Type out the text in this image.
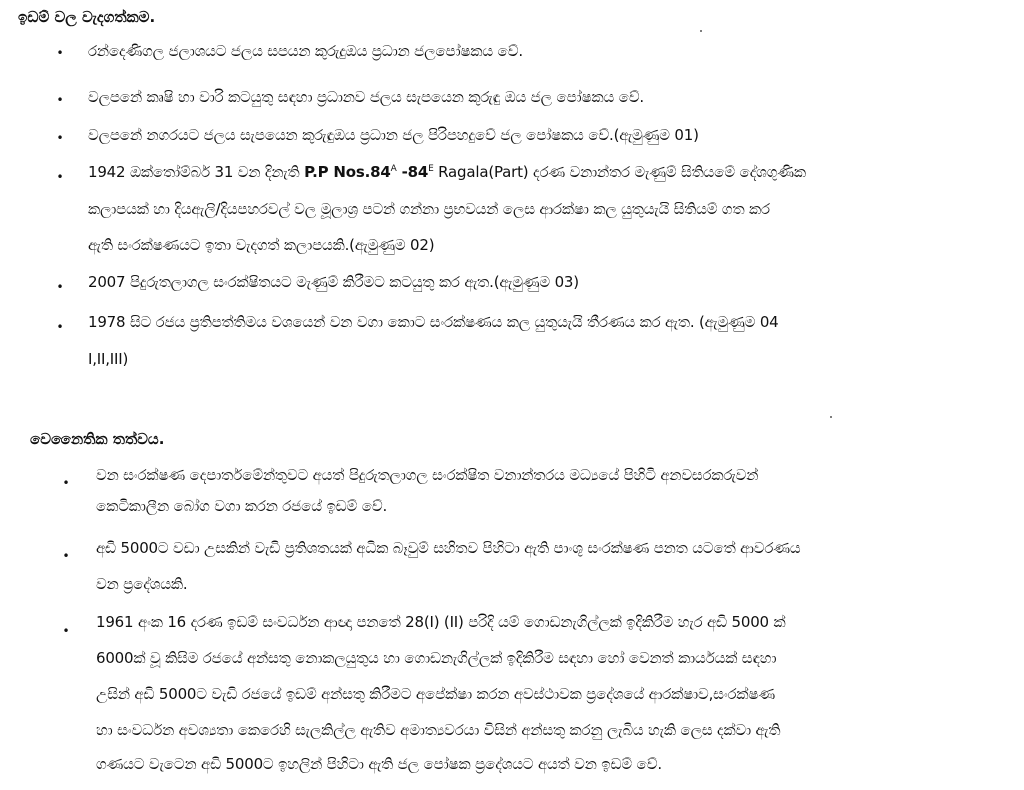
ඉඩම් වල වැදගත්කම.
• රන්දෙණිගල ජලාශයට ජලය සපයන කුරුදුඔය ප්‍රධාන ජලපෝෂකය වේ.
• වලපනේ කෘෂි හා වාරි කටයුතු සඳහා ප්‍රධානව ජලය සැපයෙන කුරුඳු ඔය ජල පෝෂකය වේ.
• වලපනේ නගරයට ජලය සැපයෙන කුරුඳුඔය ප්‍රධාන ජල පිරිපහදුවේ ජල පෝෂකය වේ.(ඇමුණුම 01)
• 1942 ඔක්තෝම්බර් 31 වන දිනැති P.P $Nos.84^A$ $-84^E$ Ragala(Part) දරණ වනාන්තර මැණුම් සිතියමේ දේශගුණික
කලාපයක් හා දියඇලි/දියපහරවල් වල මූලාශ්‍ර පටන් ගන්නා ප්‍රභවයන් ලෙස ආරක්ෂා කල යුතුයැයි සිතියම් ගත කර
ඇති සංරක්ෂණයට ඉතා වැදගත් කලාපයකි.(ඇමුණුම 02)
• 2007 පිදුරුතලාගල සංරක්ෂිතයට මැණුම් කිරීමට කටයුතු කර ඇත.(ඇමුණුම 03)
• 1978 සිට රජය ප්‍රතිපත්තිමය වශයෙන් වන වගා කොට සංරක්ෂණය කල යුතුයැයි තීරණය කර ඇත. (ඇමුණුම 04
I,II,III)
වෙනෛතික තත්වය.
• වන සංරක්ෂණ දෙපාර්තමේන්තුවට අයත් පිදුරුතලාගල සංරක්ෂිත වනාන්තරය මධ්‍යයේ පිහිටි අනවසරකරුවන්
කෙටිකාලීන බෝග වගා කරන රජයේ ඉඩම් වේ.
• අඩි 5000ට වඩා උසකින් වැඩි ප්‍රතිශතයක් අධික බෑවුම් සහිතව පිහිටා ඇති පාංශු සංරක්ෂණ පනත යටතේ ආවරණය
වන ප්‍රදේශයකි.
• 1961 අංක 16 දරණ ඉඩම් සංවර්ධන ආඥා පනතේ 28(I) (II) පරිදි යම් ගොඩනැගිල්ලක් ඉදිකිරීම හැර අඩි 5000 ක්
6000ක් වූ කිසිම රජයේ අන්සතු නොකලයුතුය හා ගොඩනැගිල්ලක් ඉදිකිරීම සඳහා හෝ වෙනත් කාර්යයක් සඳහා
උසින් අඩි 5000ට වැඩි රජයේ ඉඩම් අන්සතු කිරීමට අපේක්ෂා කරන අවස්ථාවක ප්‍රදේශයේ ආරක්ෂාව,සංරක්ෂණ
හා සංවර්ධන අවශ්‍යතා කෙරෙහි සැලකිල්ල ඇතිව අමාත්‍යවරයා විසින් අන්සතු කරනු ලැබිය හැකි ලෙස දක්වා ඇති
ගණයට වැටෙන අඩි 5000ට ඉහලින් පිහිටා ඇති ජල පෝෂක ප්‍රදේශයට අයත් වන ඉඩම් වේ.
